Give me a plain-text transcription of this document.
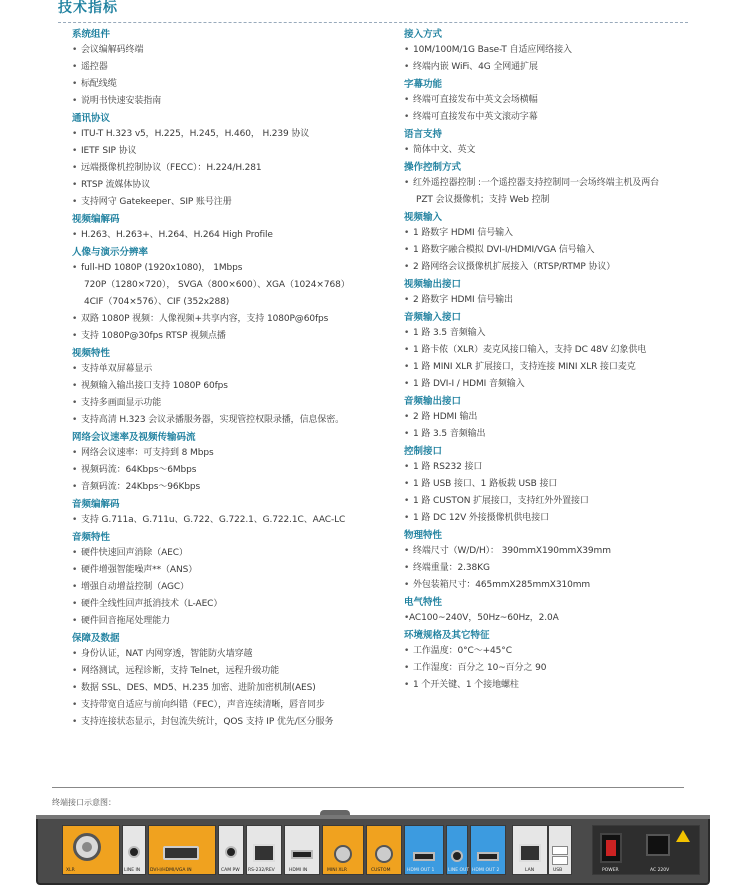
技术指标
系统组件
• 会议编解码终端
• 遥控器
• 标配线缆
• 说明书快速安装指南
通讯协议
• ITU-T H.323 v5，H.225，H.245，H.460， H.239 协议
• IETF SIP 协议
• 远端摄像机控制协议（FECC）：H.224/H.281
• RTSP 流媒体协议
• 支持网守 Gatekeeper、SIP 账号注册
视频编解码
• H.263、H.263+、H.264、H.264 High Profile
人像与演示分辨率
• full-HD 1080P (1920x1080)， 1Mbps
720P（1280×720）， SVGA（800×600）、XGA（1024×768）
4CIF（704×576）、CIF (352x288)
• 双路 1080P 视频：人像视频+共享内容，支持 1080P@60fps
• 支持 1080P@30fps RTSP 视频点播
视频特性
• 支持单双屏幕显示
• 视频输入输出接口支持 1080P 60fps
• 支持多画面显示功能
• 支持高清 H.323 会议录播服务器，实现管控权限录播，信息保密。
网络会议速率及视频传输码流
• 网络会议速率：可支持到 8 Mbps
• 视频码流：64Kbps～6Mbps
• 音频码流：24Kbps～96Kbps
音频编解码
• 支持 G.711a、G.711u、G.722、G.722.1、G.722.1C、AAC-LC
音频特性
• 硬件快速回声消除（AEC）
• 硬件增强智能噪声**（ANS）
• 增强自动增益控制（AGC）
• 硬件全线性回声抵消技术（L-AEC）
• 硬件回音拖尾处理能力
保障及数据
• 身份认证，NAT 内网穿透，智能防火墙穿越
• 网络测试，远程诊断，支持 Telnet，远程升级功能
• 数据 SSL、DES、MD5、H.235 加密、进阶加密机制(AES)
• 支持带宽自适应与前向纠错（FEC），声音连续清晰，唇音同步
• 支持连接状态显示，封包流失统计，QOS 支持 IP 优先/区分服务
接入方式
• 10M/100M/1G Base-T 自适应网络接入
• 终端内嵌 WiFi、4G 全网通扩展
字幕功能
• 终端可直接发布中英文会场横幅
• 终端可直接发布中英文滚动字幕
语言支持
• 简体中文、英文
操作控制方式
• 红外遥控器控制 :一个遥控器支持控制同一会场终端主机及两台
PZT 会议摄像机；支持 Web 控制
视频输入
• 1 路数字 HDMI 信号输入
• 1 路数字融合模拟 DVI-I/HDMI/VGA 信号输入
• 2 路网络会议摄像机扩展接入（RTSP/RTMP 协议）
视频输出接口
• 2 路数字 HDMI 信号输出
音频输入接口
• 1 路 3.5 音频输入
• 1 路卡侬（XLR）麦克风接口输入，支持 DC 48V 幻象供电
• 1 路 MINI XLR 扩展接口，支持连接 MINI XLR 接口麦克
• 1 路 DVI-I / HDMI 音频输入
音频输出接口
• 2 路 HDMI 输出
• 1 路 3.5 音频输出
控制接口
• 1 路 RS232 接口
• 1 路 USB 接口、1 路板载 USB 接口
• 1 路 CUSTON 扩展接口，支持红外外置接口
• 1 路 DC 12V 外接摄像机供电接口
物理特性
• 终端尺寸（W/D/H）： 390mmX190mmX39mm
• 终端重量：2.38KG
• 外包装箱尺寸：465mmX285mmX310mm
电气特性
• AC100~240V，50Hz~60Hz，2.0A
环境规格及其它特征
• 工作温度：0°C～+45°C
• 工作湿度：百分之 10~百分之 90
• 1 个开关键、1 个接地螺柱
终端接口示意图：
XLR	LINE IN DVI-I/HDMI/VGA IN	CAM PW RS-232/REV	HDMI IN	MINI XLR	CUSTOM	HDMI OUT 1	LINE OUT HDMI OUT 2	LAN	USB	POWER	AC 220V
